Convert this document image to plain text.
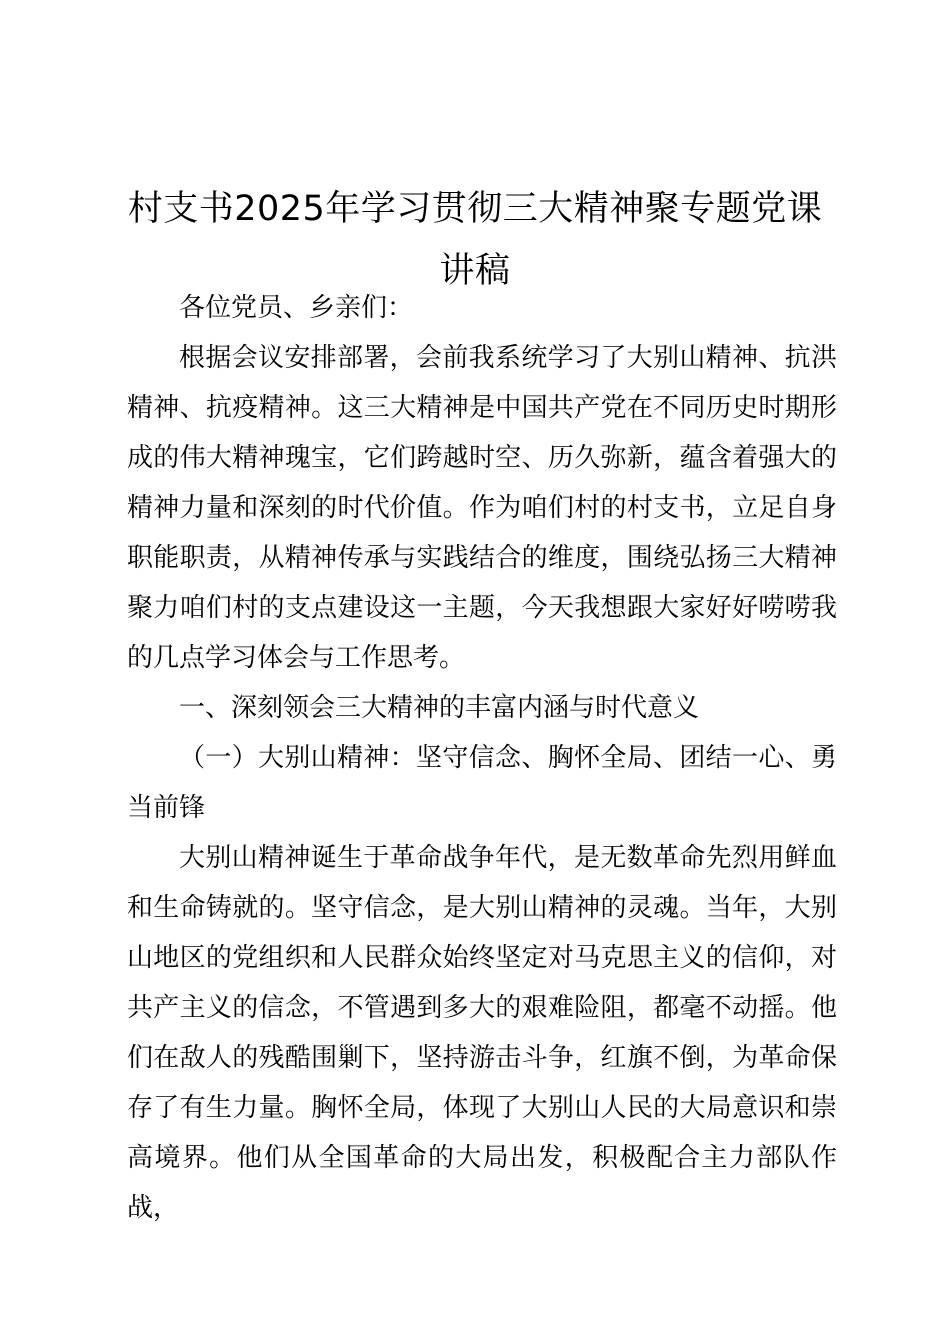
村支书2025年学习贯彻三大精神聚专题党课讲稿

各位党员、乡亲们：

根据会议安排部署，会前我系统学习了大别山精神、抗洪精神、抗疫精神。这三大精神是中国共产党在不同历史时期形成的伟大精神瑰宝，它们跨越时空、历久弥新，蕴含着强大的精神力量和深刻的时代价值。作为咱们村的村支书，立足自身职能职责，从精神传承与实践结合的维度，围绕弘扬三大精神聚力咱们村的支点建设这一主题，今天我想跟大家好好唠唠我的几点学习体会与工作思考。

一、深刻领会三大精神的丰富内涵与时代意义

（一）大别山精神：坚守信念、胸怀全局、团结一心、勇当前锋

大别山精神诞生于革命战争年代，是无数革命先烈用鲜血和生命铸就的。坚守信念，是大别山精神的灵魂。当年，大别山地区的党组织和人民群众始终坚定对马克思主义的信仰，对共产主义的信念，不管遇到多大的艰难险阻，都毫不动摇。他们在敌人的残酷围剿下，坚持游击斗争，红旗不倒，为革命保存了有生力量。胸怀全局，体现了大别山人民的大局意识和崇高境界。他们从全国革命的大局出发，积极配合主力部队作战，
